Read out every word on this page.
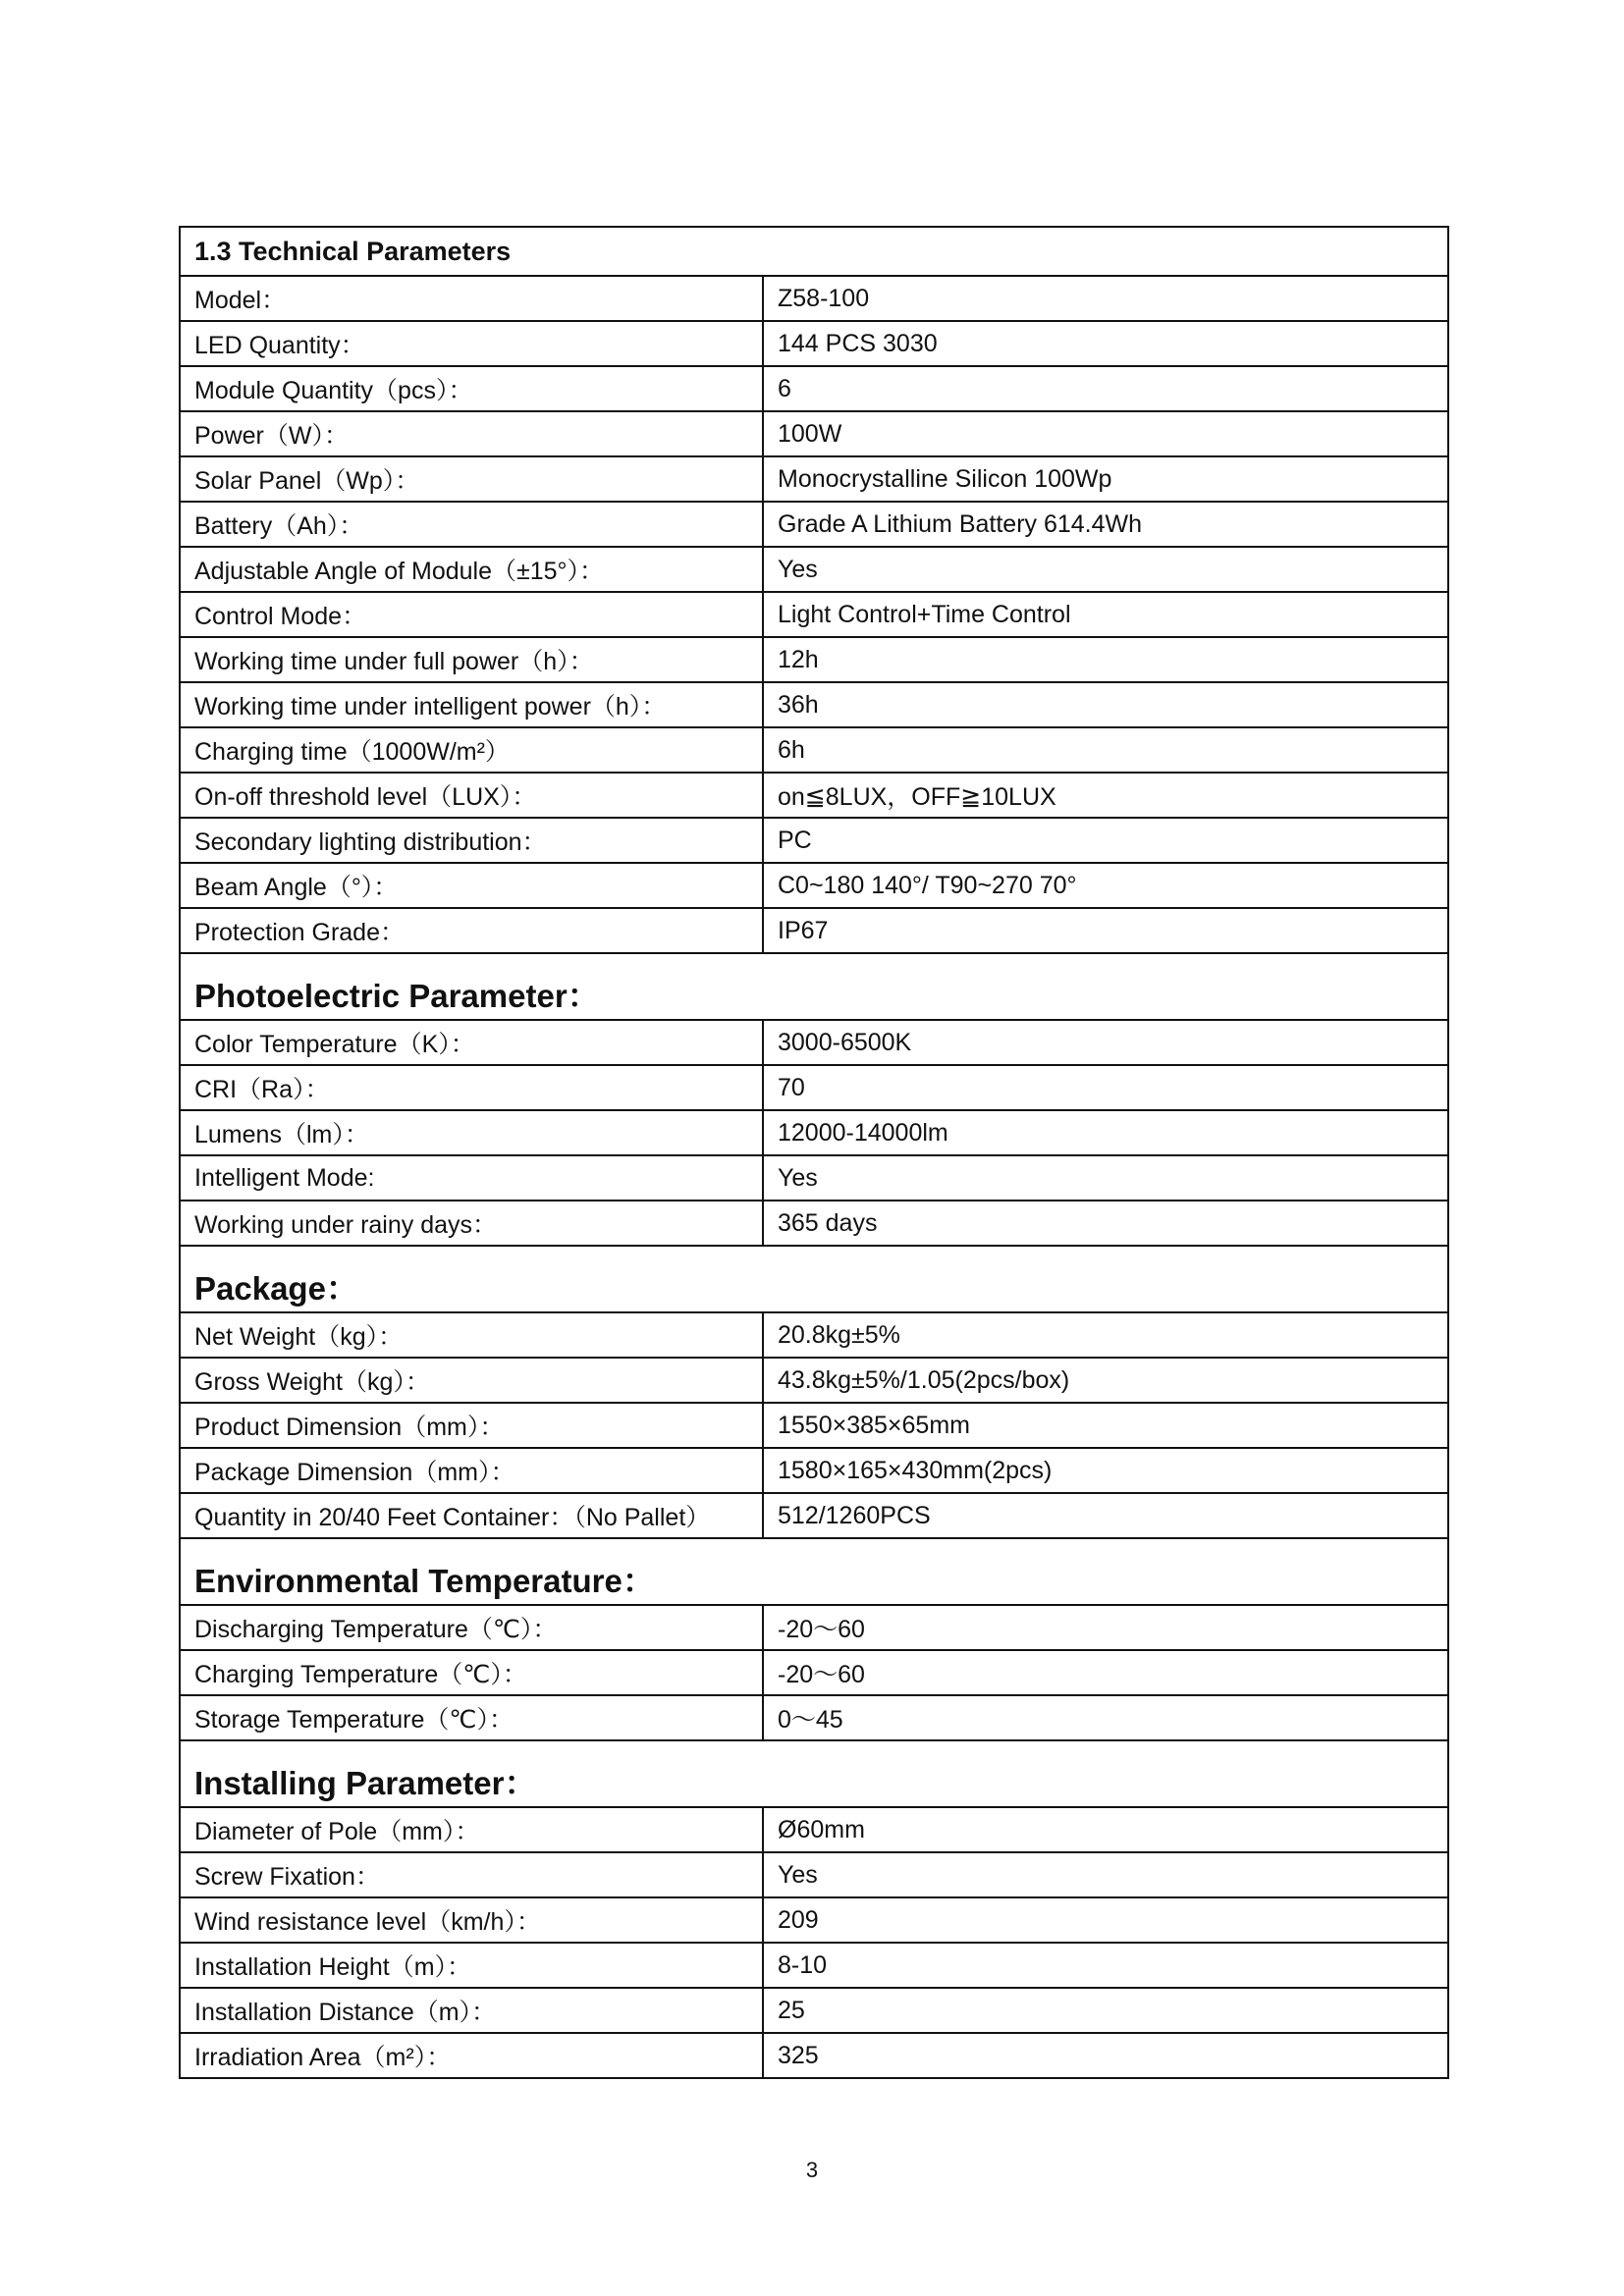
1.3 Technical Parameters	
Model：	Z58-100
LED Quantity：	144 PCS 3030
Module Quantity（pcs）：	6
Power（W）：	100W
Solar Panel（Wp）：	Monocrystalline Silicon 100Wp
Battery（Ah）：	Grade A Lithium Battery 614.4Wh
Adjustable Angle of Module（±15°）：	Yes
Control Mode：	Light Control+Time Control
Working time under full power（h）：	12h
Working time under intelligent power（h）：	36h
Charging time（1000W/m²）	6h
On-off threshold level（LUX）：	on≦8LUX，OFF≧10LUX
Secondary lighting distribution：	PC
Beam Angle（°）：	C0~180 140°/ T90~270 70°
Protection Grade：	IP67
Photoelectric Parameter：	
Color Temperature（K）：	3000-6500K
CRI（Ra）：	70
Lumens（lm）：	12000-14000lm
Intelligent Mode:	Yes
Working under rainy days：	365 days
Package：	
Net Weight（kg）：	20.8kg±5%
Gross Weight（kg）：	43.8kg±5%/1.05(2pcs/box)
Product Dimension（mm）：	1550×385×65mm
Package Dimension（mm）：	1580×165×430mm(2pcs)
Quantity in 20/40 Feet Container：（No Pallet）	512/1260PCS
Environmental Temperature：	
Discharging Temperature（℃）：	-20～60
Charging Temperature（℃）：	-20～60
Storage Temperature（℃）：	0～45
Installing Parameter：	
Diameter of Pole（mm）：	Ø60mm
Screw Fixation：	Yes
Wind resistance level（km/h）：	209
Installation Height（m）：	8-10
Installation Distance（m）：	25
Irradiation Area（m²）：	325
3
